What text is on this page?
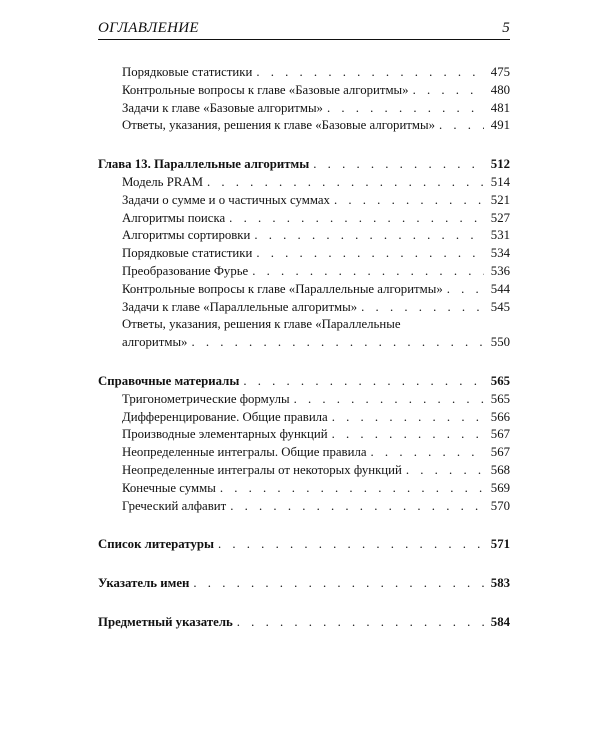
ОГЛАВЛЕНИЕ	5
Порядковые статистики . . .	475
Контрольные вопросы к главе «Базовые алгоритмы» . . .	480
Задачи к главе «Базовые алгоритмы» . . .	481
Ответы, указания, решения к главе «Базовые алгоритмы» . . .	491
Глава 13. Параллельные алгоритмы . . .	512
Модель PRAM . . .	514
Задачи о сумме и о частичных суммах . . .	521
Алгоритмы поиска . . .	527
Алгоритмы сортировки . . .	531
Порядковые статистики . . .	534
Преобразование Фурье . . .	536
Контрольные вопросы к главе «Параллельные алгоритмы» . . .	544
Задачи к главе «Параллельные алгоритмы» . . .	545
Ответы, указания, решения к главе «Параллельные
алгоритмы» . . .	550
Справочные материалы . . .	565
Тригонометрические формулы . . .	565
Дифференцирование. Общие правила . . .	566
Производные элементарных функций . . .	567
Неопределенные интегралы. Общие правила . . .	567
Неопределенные интегралы от некоторых функций . . .	568
Конечные суммы . . .	569
Греческий алфавит . . .	570
Список литературы . . .	571
Указатель имен . . .	583
Предметный указатель . . .	584
